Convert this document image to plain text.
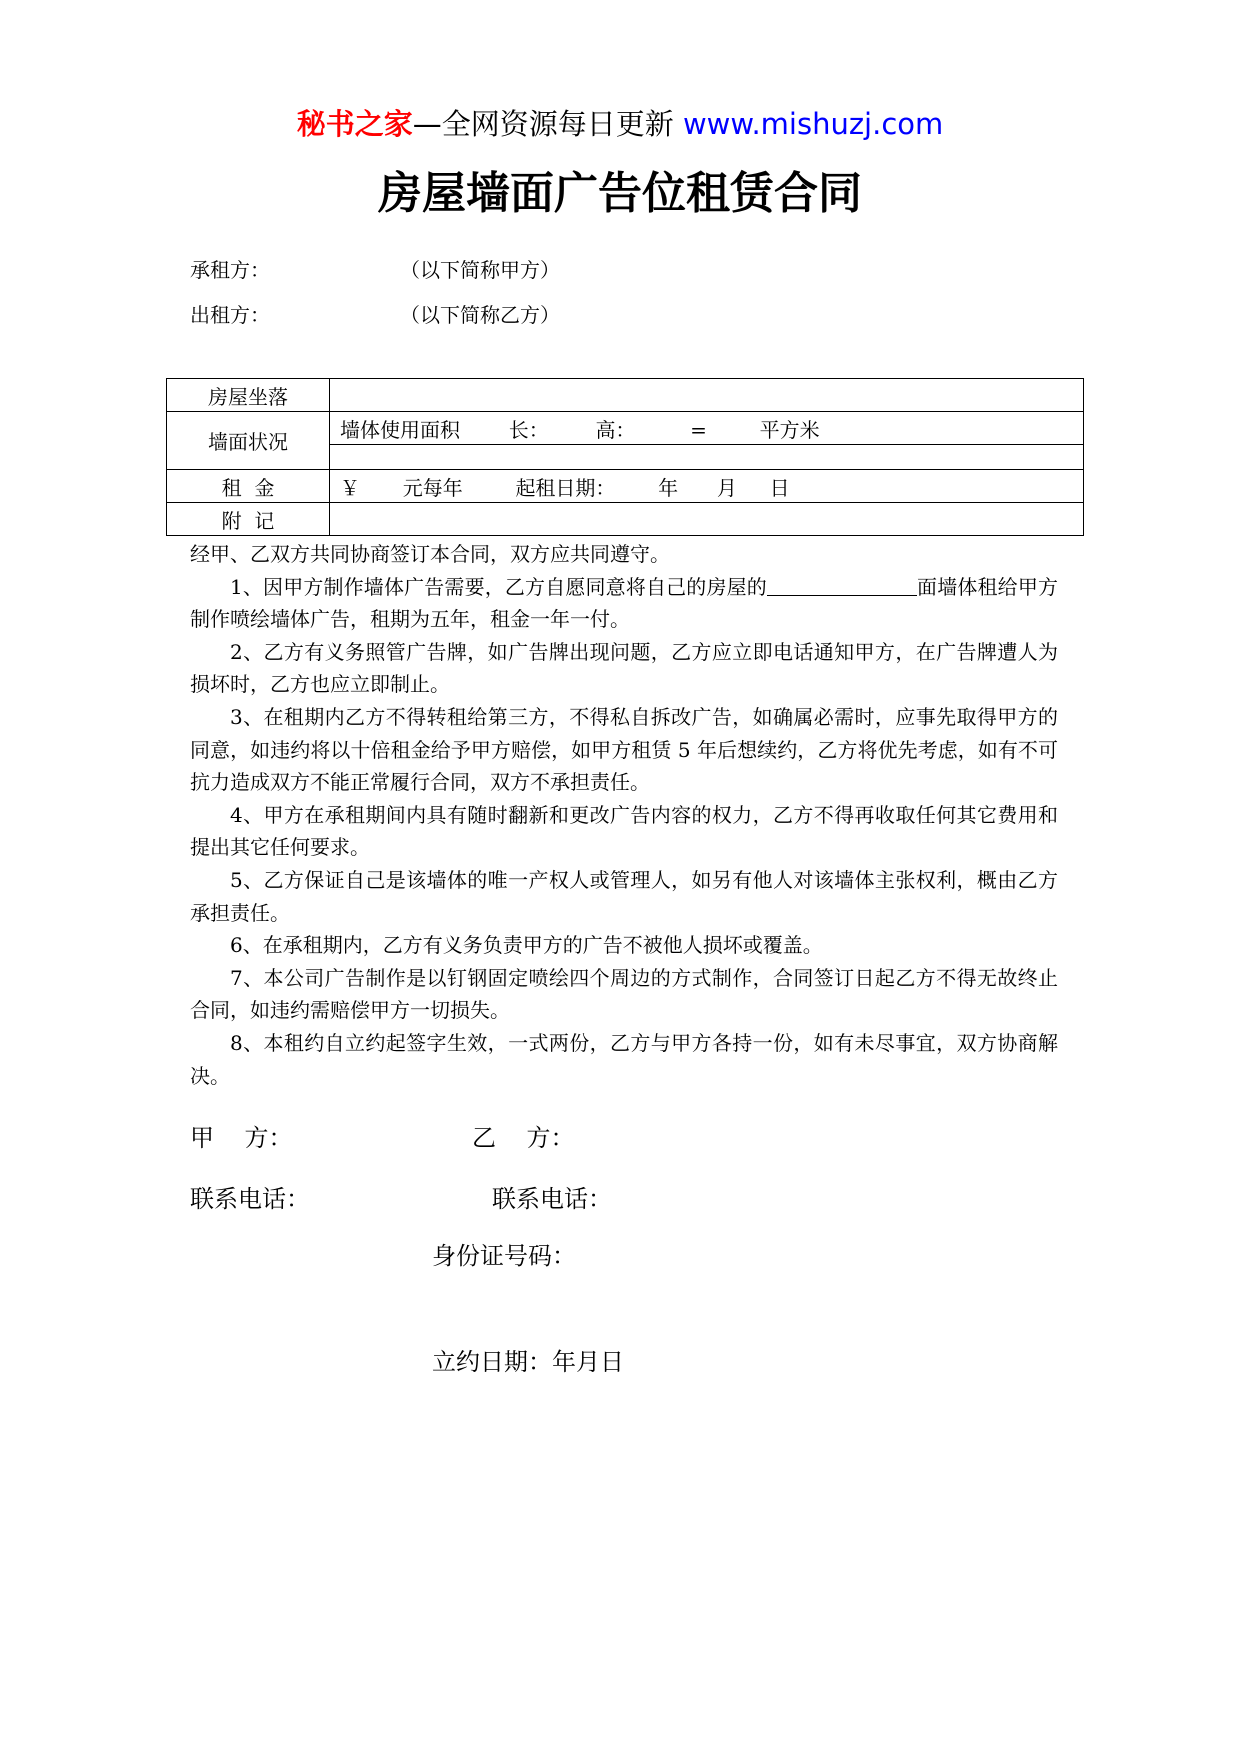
秘书之家—全网资源每日更新 www.mishuzj.com
房屋墙面广告位租赁合同
承租方：	（以下简称甲方）
出租方：	（以下简称乙方）
房屋坐落	
墙面状况	墙体使用面积 长： 高： = 平方米

租  金	￥ 元每年 起租日期： 年 月 日
附  记	

经甲、乙双方共同协商签订本合同，双方应共同遵守。

1、因甲方制作墙体广告需要，乙方自愿同意将自己的房屋的	面墙体租给甲方制作喷绘墙体广告，租期为五年，租金一年一付。

2、乙方有义务照管广告牌，如广告牌出现问题，乙方应立即电话通知甲方，在广告牌遭人为损坏时，乙方也应立即制止。

3、在租期内乙方不得转租给第三方，不得私自拆改广告，如确属必需时，应事先取得甲方的同意，如违约将以十倍租金给予甲方赔偿，如甲方租赁 5 年后想续约，乙方将优先考虑，如有不可抗力造成双方不能正常履行合同，双方不承担责任。

4、甲方在承租期间内具有随时翻新和更改广告内容的权力，乙方不得再收取任何其它费用和提出其它任何要求。

5、乙方保证自己是该墙体的唯一产权人或管理人，如另有他人对该墙体主张权利，概由乙方承担责任。

6、在承租期内，乙方有义务负责甲方的广告不被他人损坏或覆盖。

7、本公司广告制作是以钉钢固定喷绘四个周边的方式制作，合同签订日起乙方不得无故终止合同，如违约需赔偿甲方一切损失。

8、本租约自立约起签字生效，一式两份，乙方与甲方各持一份，如有未尽事宜，双方协商解决。

甲    方：	乙    方：
联系电话：	联系电话：
身份证号码：
立约日期：年月日
